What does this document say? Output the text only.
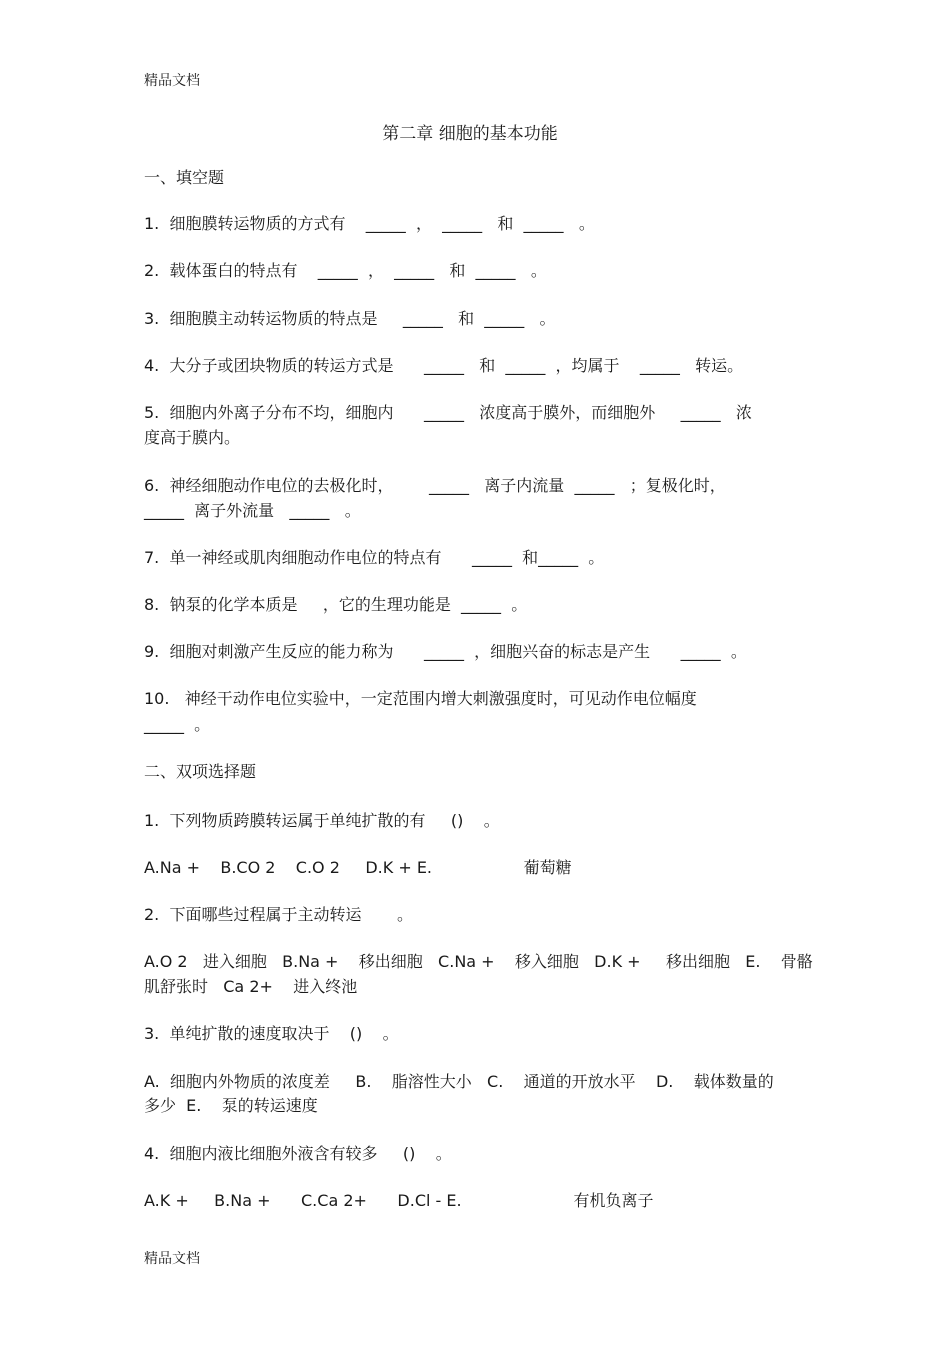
精品文档
第二章 细胞的基本功能
一、填空题
1.  细胞膜转运物质的方式有    _____  ，  _____   和  _____   。
2.  载体蛋白的特点有    _____  ，  _____   和  _____   。
3.  细胞膜主动转运物质的特点是     _____   和  _____   。
4.  大分子或团块物质的转运方式是      _____   和  _____  ，均属于    _____   转运。
5.  细胞内外离子分布不均，细胞内      _____   浓度高于膜外，而细胞外     _____   浓
度高于膜内。
6.  神经细胞动作电位的去极化时，       _____   离子内流量  _____   ；复极化时，
_____  离子外流量   _____   。
7.  单一神经或肌肉细胞动作电位的特点有      _____  和_____  。
8.  钠泵的化学本质是     ，它的生理功能是  _____  。
9.  细胞对刺激产生反应的能力称为      _____  ，细胞兴奋的标志是产生      _____  。
10.   神经干动作电位实验中，一定范围内增大刺激强度时，可见动作电位幅度
_____  。
二、双项选择题
1.  下列物质跨膜转运属于单纯扩散的有     ()    。
A.Na +    B.CO 2    C.O 2     D.K + E.                  葡萄糖
2.  下面哪些过程属于主动转运       。
A.O 2   进入细胞   B.Na +    移出细胞   C.Na +    移入细胞   D.K +     移出细胞   E.    骨骼
肌舒张时   Ca 2+    进入终池
3.  单纯扩散的速度取决于    ()    。
A.  细胞内外物质的浓度差     B.    脂溶性大小   C.    通道的开放水平    D.    载体数量的
多少  E.    泵的转运速度
4.  细胞内液比细胞外液含有较多     ()    。
A.K +     B.Na +      C.Ca 2+      D.Cl - E.                      有机负离子
精品文档
